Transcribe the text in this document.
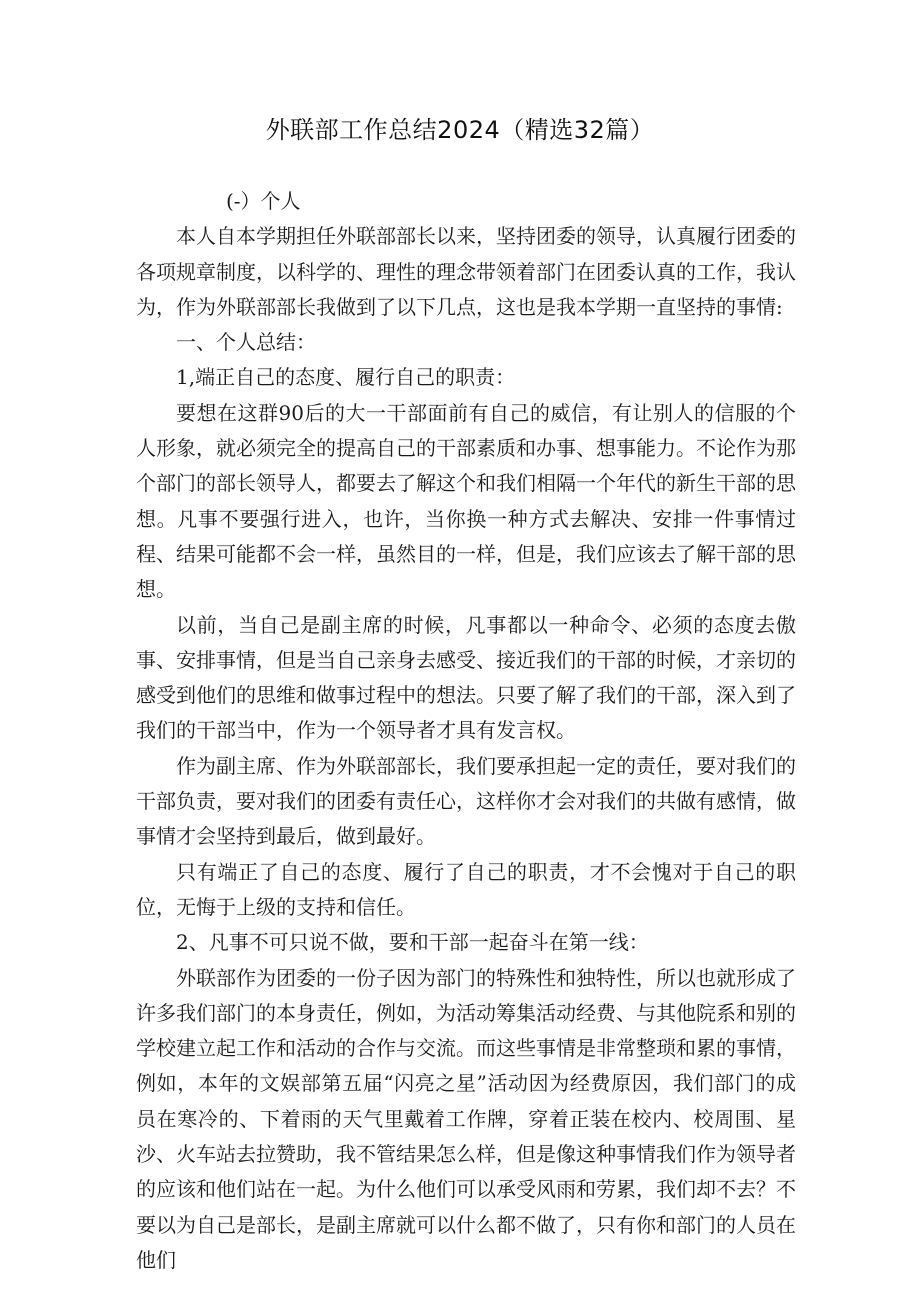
外联部工作总结2024（精选32篇）

(-）个人

本人自本学期担任外联部部长以来，坚持团委的领导，认真履行团委的各项规章制度，以科学的、理性的理念带领着部门在团委认真的工作，我认为，作为外联部部长我做到了以下几点，这也是我本学期一直坚持的事情:

一、个人总结：

1,端正自己的态度、履行自己的职责：

要想在这群90后的大一干部面前有自己的威信，有让别人的信服的个人形象，就必须完全的提高自己的干部素质和办事、想事能力。不论作为那个部门的部长领导人，都要去了解这个和我们相隔一个年代的新生干部的思想。凡事不要强行进入，也许，当你换一种方式去解决、安排一件事情过程、结果可能都不会一样，虽然目的一样，但是，我们应该去了解干部的思想。

以前，当自己是副主席的时候，凡事都以一种命令、必须的态度去傲事、安排事情，但是当自己亲身去感受、接近我们的干部的时候，才亲切的感受到他们的思维和做事过程中的想法。只要了解了我们的干部，深入到了我们的干部当中，作为一个领导者才具有发言权。

作为副主席、作为外联部部长，我们要承担起一定的责任，要对我们的干部负责，要对我们的团委有责任心，这样你才会对我们的共做有感情，做事情才会坚持到最后，做到最好。

只有端正了自己的态度、履行了自己的职责，才不会愧对于自己的职位，无悔于上级的支持和信任。

2、凡事不可只说不做，要和干部一起奋斗在第一线：

外联部作为团委的一份子因为部门的特殊性和独特性，所以也就形成了许多我们部门的本身责任，例如，为活动筹集活动经费、与其他院系和别的学校建立起工作和活动的合作与交流。而这些事情是非常整琐和累的事情，例如，本年的文娱部第五届“闪亮之星”活动因为经费原因，我们部门的成员在寒冷的、下着雨的天气里戴着工作牌，穿着正装在校内、校周围、星沙、火车站去拉赞助，我不管结果怎么样，但是像这种事情我们作为领导者的应该和他们站在一起。为什么他们可以承受风雨和劳累，我们却不去？不要以为自己是部长，是副主席就可以什么都不做了，只有你和部门的人员在他们
